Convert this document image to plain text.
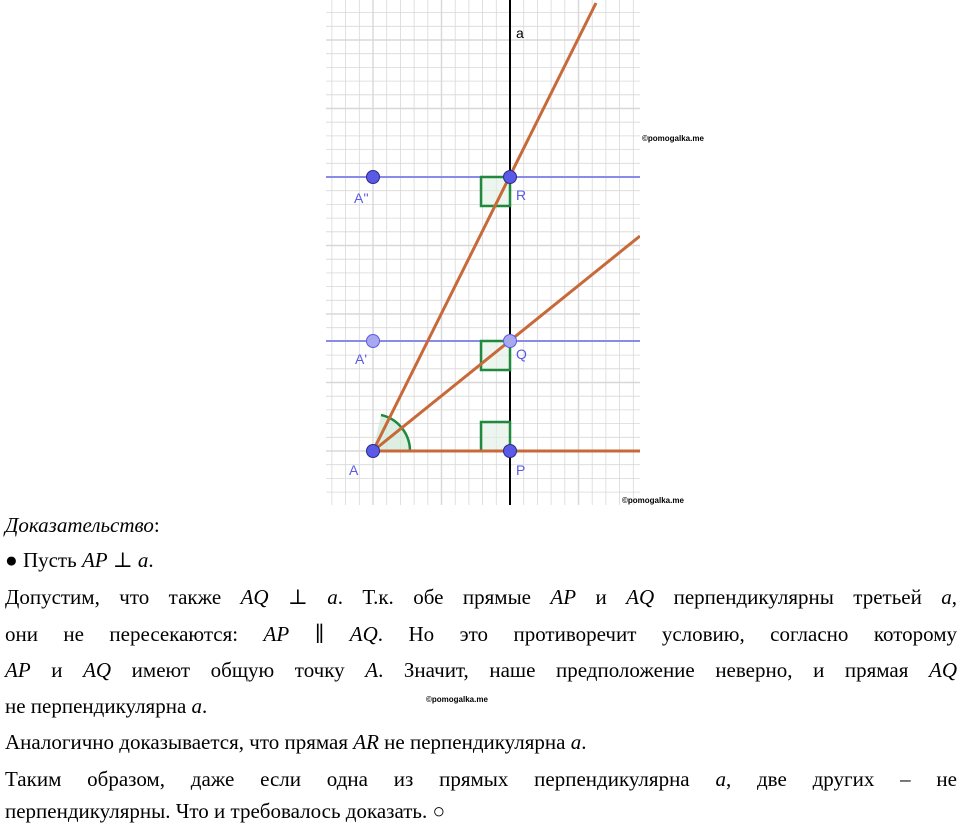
a
A''	R
A'	Q
A	P
©pomogalka.me
©pomogalka.me
©pomogalka.me
Доказательство:
● Пусть AP ⊥ a.
Допустим, что также AQ ⊥ a. Т.к. обе прямые AP и AQ перпендикулярны третьей a,
они не пересекаются: AP ∥ AQ. Но это противоречит условию, согласно которому
AP и AQ имеют общую точку A. Значит, наше предположение неверно, и прямая AQ
не перпендикулярна a.
Аналогично доказывается, что прямая AR не перпендикулярна a.
Таким образом, даже если одна из прямых перпендикулярна a, две других – не
перпендикулярны. Что и требовалось доказать. ○
